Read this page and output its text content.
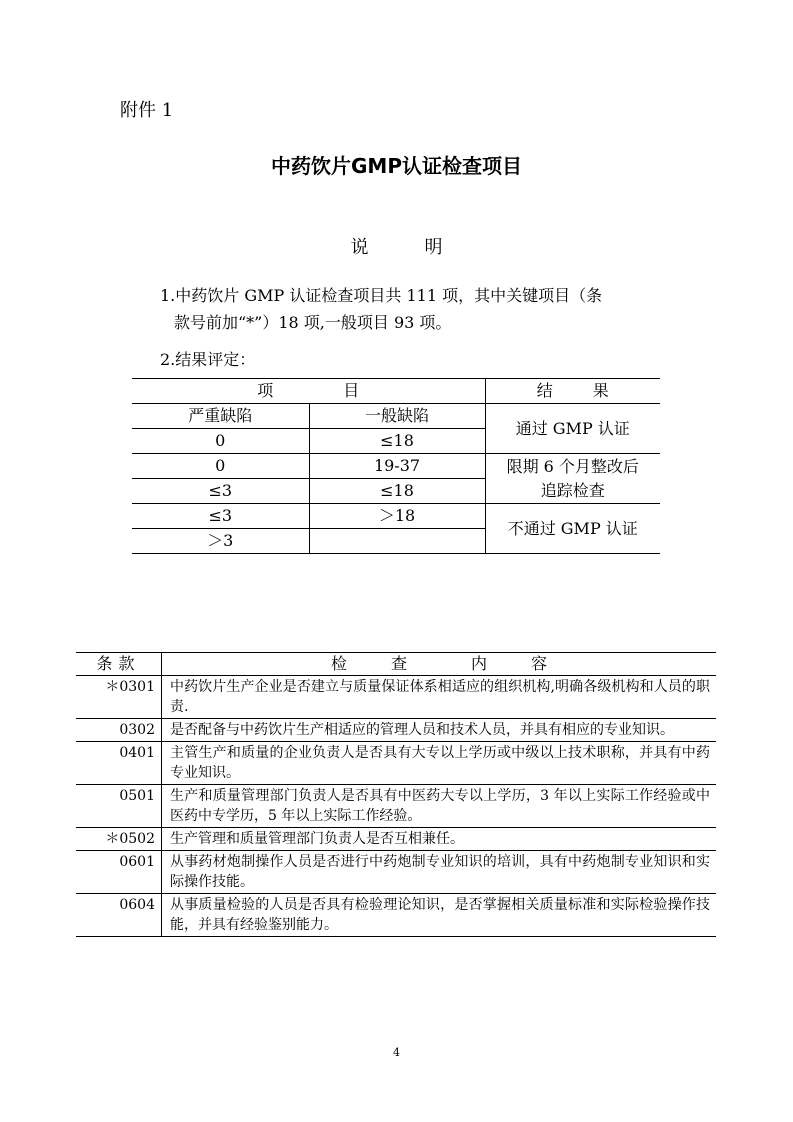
附件 1
中药饮片GMP认证检查项目
说	明
1.中药饮片 GMP 认证检查项目共 111 项，其中关键项目（条
款号前加“*”）18 项,一般项目 93 项。
2.结果评定：
项 目		结 果
严重缺陷	一般缺陷	通过 GMP 认证
0	≤18	
0	19-37	限期 6 个月整改后
追踪检查

≤3	≤18	
≤3	＞18	不通过 GMP 认证
＞3		
条款	检 查 内 容
＊0301	中药饮片生产企业是否建立与质量保证体系相适应的组织机构,明确各级机构和人员的职责.
0302	是否配备与中药饮片生产相适应的管理人员和技术人员，并具有相应的专业知识。
0401	主管生产和质量的企业负责人是否具有大专以上学历或中级以上技术职称，并具有中药专业知识。
0501	生产和质量管理部门负责人是否具有中医药大专以上学历，3 年以上实际工作经验或中医药中专学历，5 年以上实际工作经验。
＊0502	生产管理和质量管理部门负责人是否互相兼任。
0601	从事药材炮制操作人员是否进行中药炮制专业知识的培训，具有中药炮制专业知识和实际操作技能。
0604	从事质量检验的人员是否具有检验理论知识，是否掌握相关质量标准和实际检验操作技能，并具有经验鉴别能力。
4
